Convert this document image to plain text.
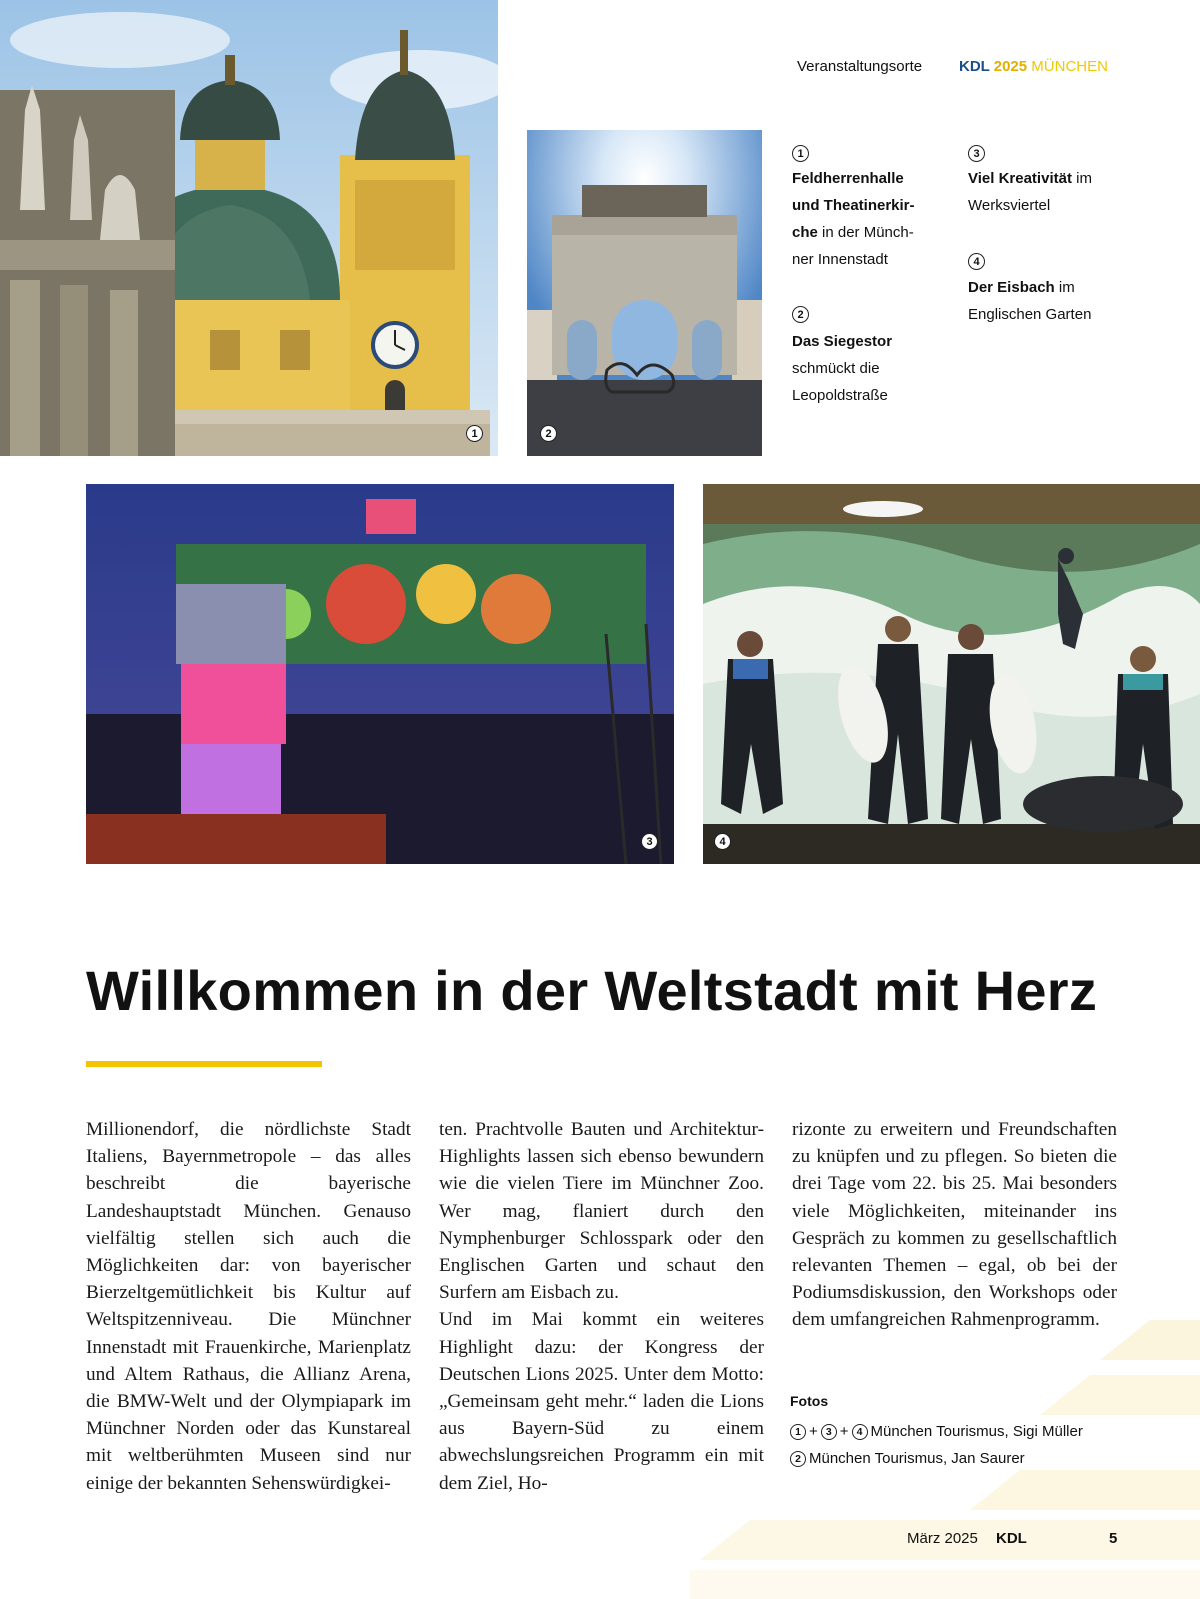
Veranstaltungsorte KDL 2025 MÜNCHEN
1	2
1
Feldherrenhalle
und Theatinerkir-
che in der Münch-
ner Innenstadt
2
Das Siegestor
schmückt die
Leopoldstraße
3
Viel Kreativität im
Werksviertel
4
Der Eisbach im
Englischen Garten
3	4
Willkommen in der Weltstadt mit Herz

Millionendorf, die nördlichste Stadt Italiens, Bayernmetropole – das alles beschreibt die bayerische Landeshauptstadt München. Genauso vielfältig stellen sich auch die Möglichkeiten dar: von bayerischer Bierzeltgemütlichkeit bis Kultur auf Weltspitzenniveau. Die Münchner Innenstadt mit Frauenkirche, Marienplatz und Altem Rathaus, die Allianz Arena, die BMW-Welt und der Olympiapark im Münchner Norden oder das Kunstareal mit weltberühmten Museen sind nur einige der bekannten Sehenswürdigkei-

ten. Prachtvolle Bauten und Architektur-Highlights lassen sich ebenso bewundern wie die vielen Tiere im Münchner Zoo. Wer mag, flaniert durch den Nymphenburger Schlosspark oder den Englischen Garten und schaut den Surfern am Eisbach zu.

Und im Mai kommt ein weiteres Highlight dazu: der Kongress der Deutschen Lions 2025. Unter dem Motto: „Gemeinsam geht mehr.“ laden die Lions aus Bayern-Süd zu einem abwechslungsreichen Programm ein mit dem Ziel, Ho-

rizonte zu erweitern und Freundschaften zu knüpfen und zu pflegen. So bieten die drei Tage vom 22. bis 25. Mai besonders viele Möglichkeiten, miteinander ins Gespräch zu kommen zu gesellschaftlich relevanten Themen – egal, ob bei der Podiumsdiskussion, den Workshops oder dem umfangreichen Rahmenprogramm.

Fotos
1 + 3 + 4 München Tourismus, Sigi Müller
2 München Tourismus, Jan Saurer
März 2025 KDL	5
